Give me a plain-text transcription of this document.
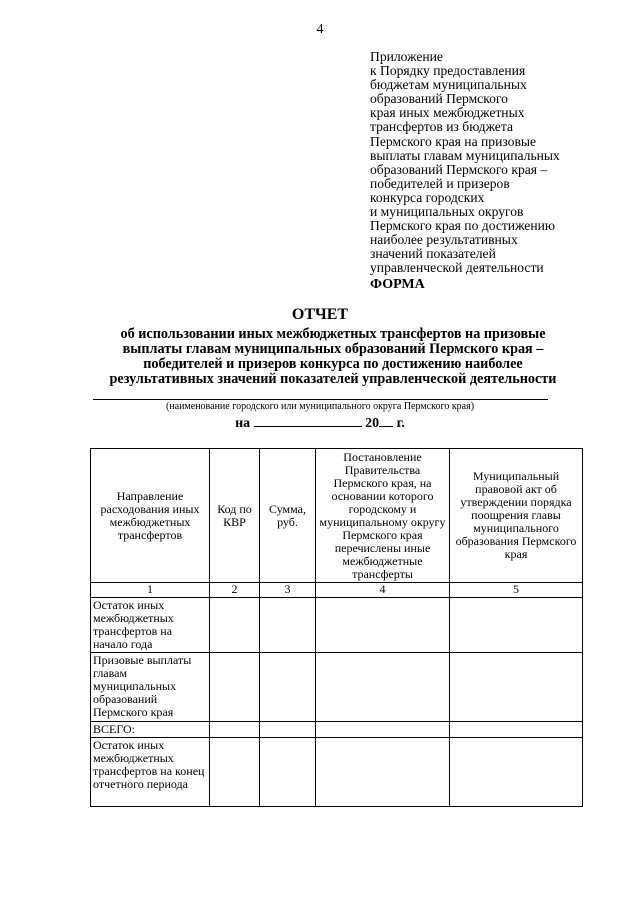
4
Приложение
к Порядку предоставления
бюджетам муниципальных
образований Пермского
края иных межбюджетных
трансфертов из бюджета
Пермского края на призовые
выплаты главам муниципальных
образований Пермского края –
победителей и призеров
конкурса городских
и муниципальных округов
Пермского края по достижению
наиболее результативных
значений показателей
управленческой деятельности
ФОРМА
ОТЧЕТ
об использовании иных межбюджетных трансфертов на призовые
выплаты главам муниципальных образований Пермского края –
победителей и призеров конкурса по достижению наиболее
результативных значений показателей управленческой деятельности
(наименование городского или муниципального округа Пермского края)
на	20 г.
Направление расходования иных межбюджетных трансфертов	Код по КВР	Сумма, руб.	Постановление Правительства Пермского края, на основании которого городскому и муниципальному округу Пермского края перечислены иные межбюджетные трансферты	Муниципальный правовой акт об утверждении порядка поощрения главы муниципального образования Пермского края
1	2	3	4	5
Остаток иных межбюджетных трансфертов на начало года				
Призовые выплаты главам муниципальных образований Пермского края				
ВСЕГО:				
Остаток иных межбюджетных трансфертов на конец отчетного периода				
